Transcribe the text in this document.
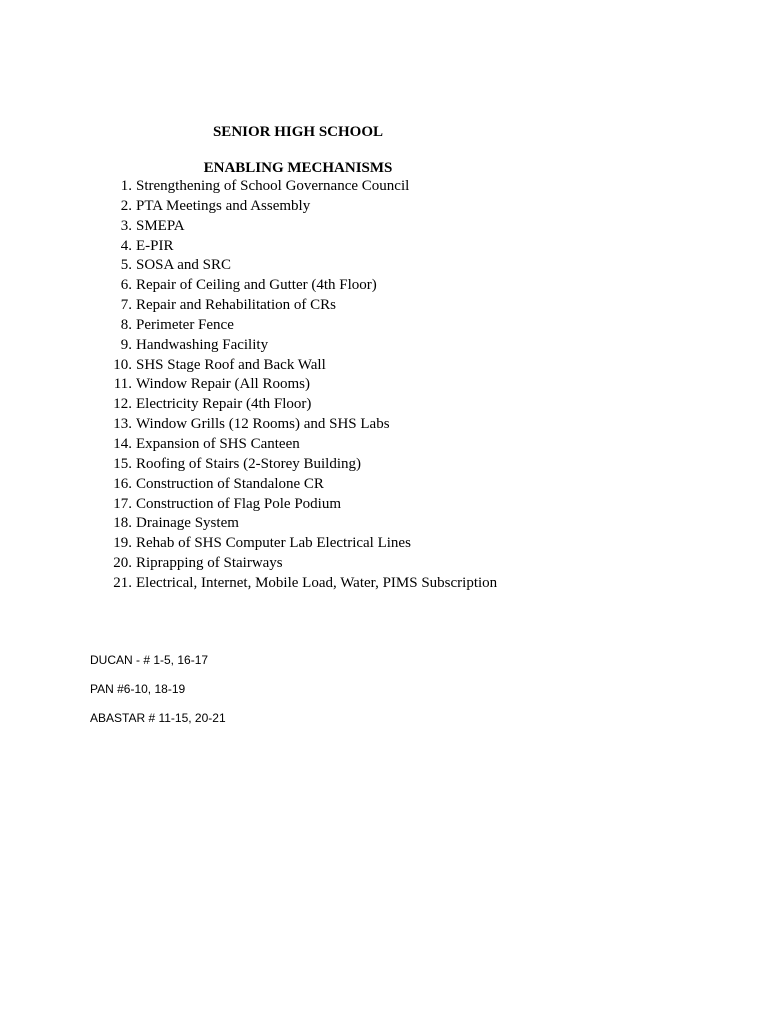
SENIOR HIGH SCHOOL

ENABLING MECHANISMS

1. Strengthening of School Governance Council
2. PTA Meetings and Assembly
3. SMEPA
4. E-PIR
5. SOSA and SRC
6. Repair of Ceiling and Gutter (4th Floor)
7. Repair and Rehabilitation of CRs
8. Perimeter Fence
9. Handwashing Facility
10. SHS Stage Roof and Back Wall
11. Window Repair (All Rooms)
12. Electricity Repair (4th Floor)
13. Window Grills (12 Rooms) and SHS Labs
14. Expansion of SHS Canteen
15. Roofing of Stairs (2-Storey Building)
16. Construction of Standalone CR
17. Construction of Flag Pole Podium
18. Drainage System
19. Rehab of SHS Computer Lab Electrical Lines
20. Riprapping of Stairways
21. Electrical, Internet, Mobile Load, Water, PIMS Subscription

DUCAN - # 1-5, 16-17

PAN #6-10, 18-19

ABASTAR # 11-15, 20-21
